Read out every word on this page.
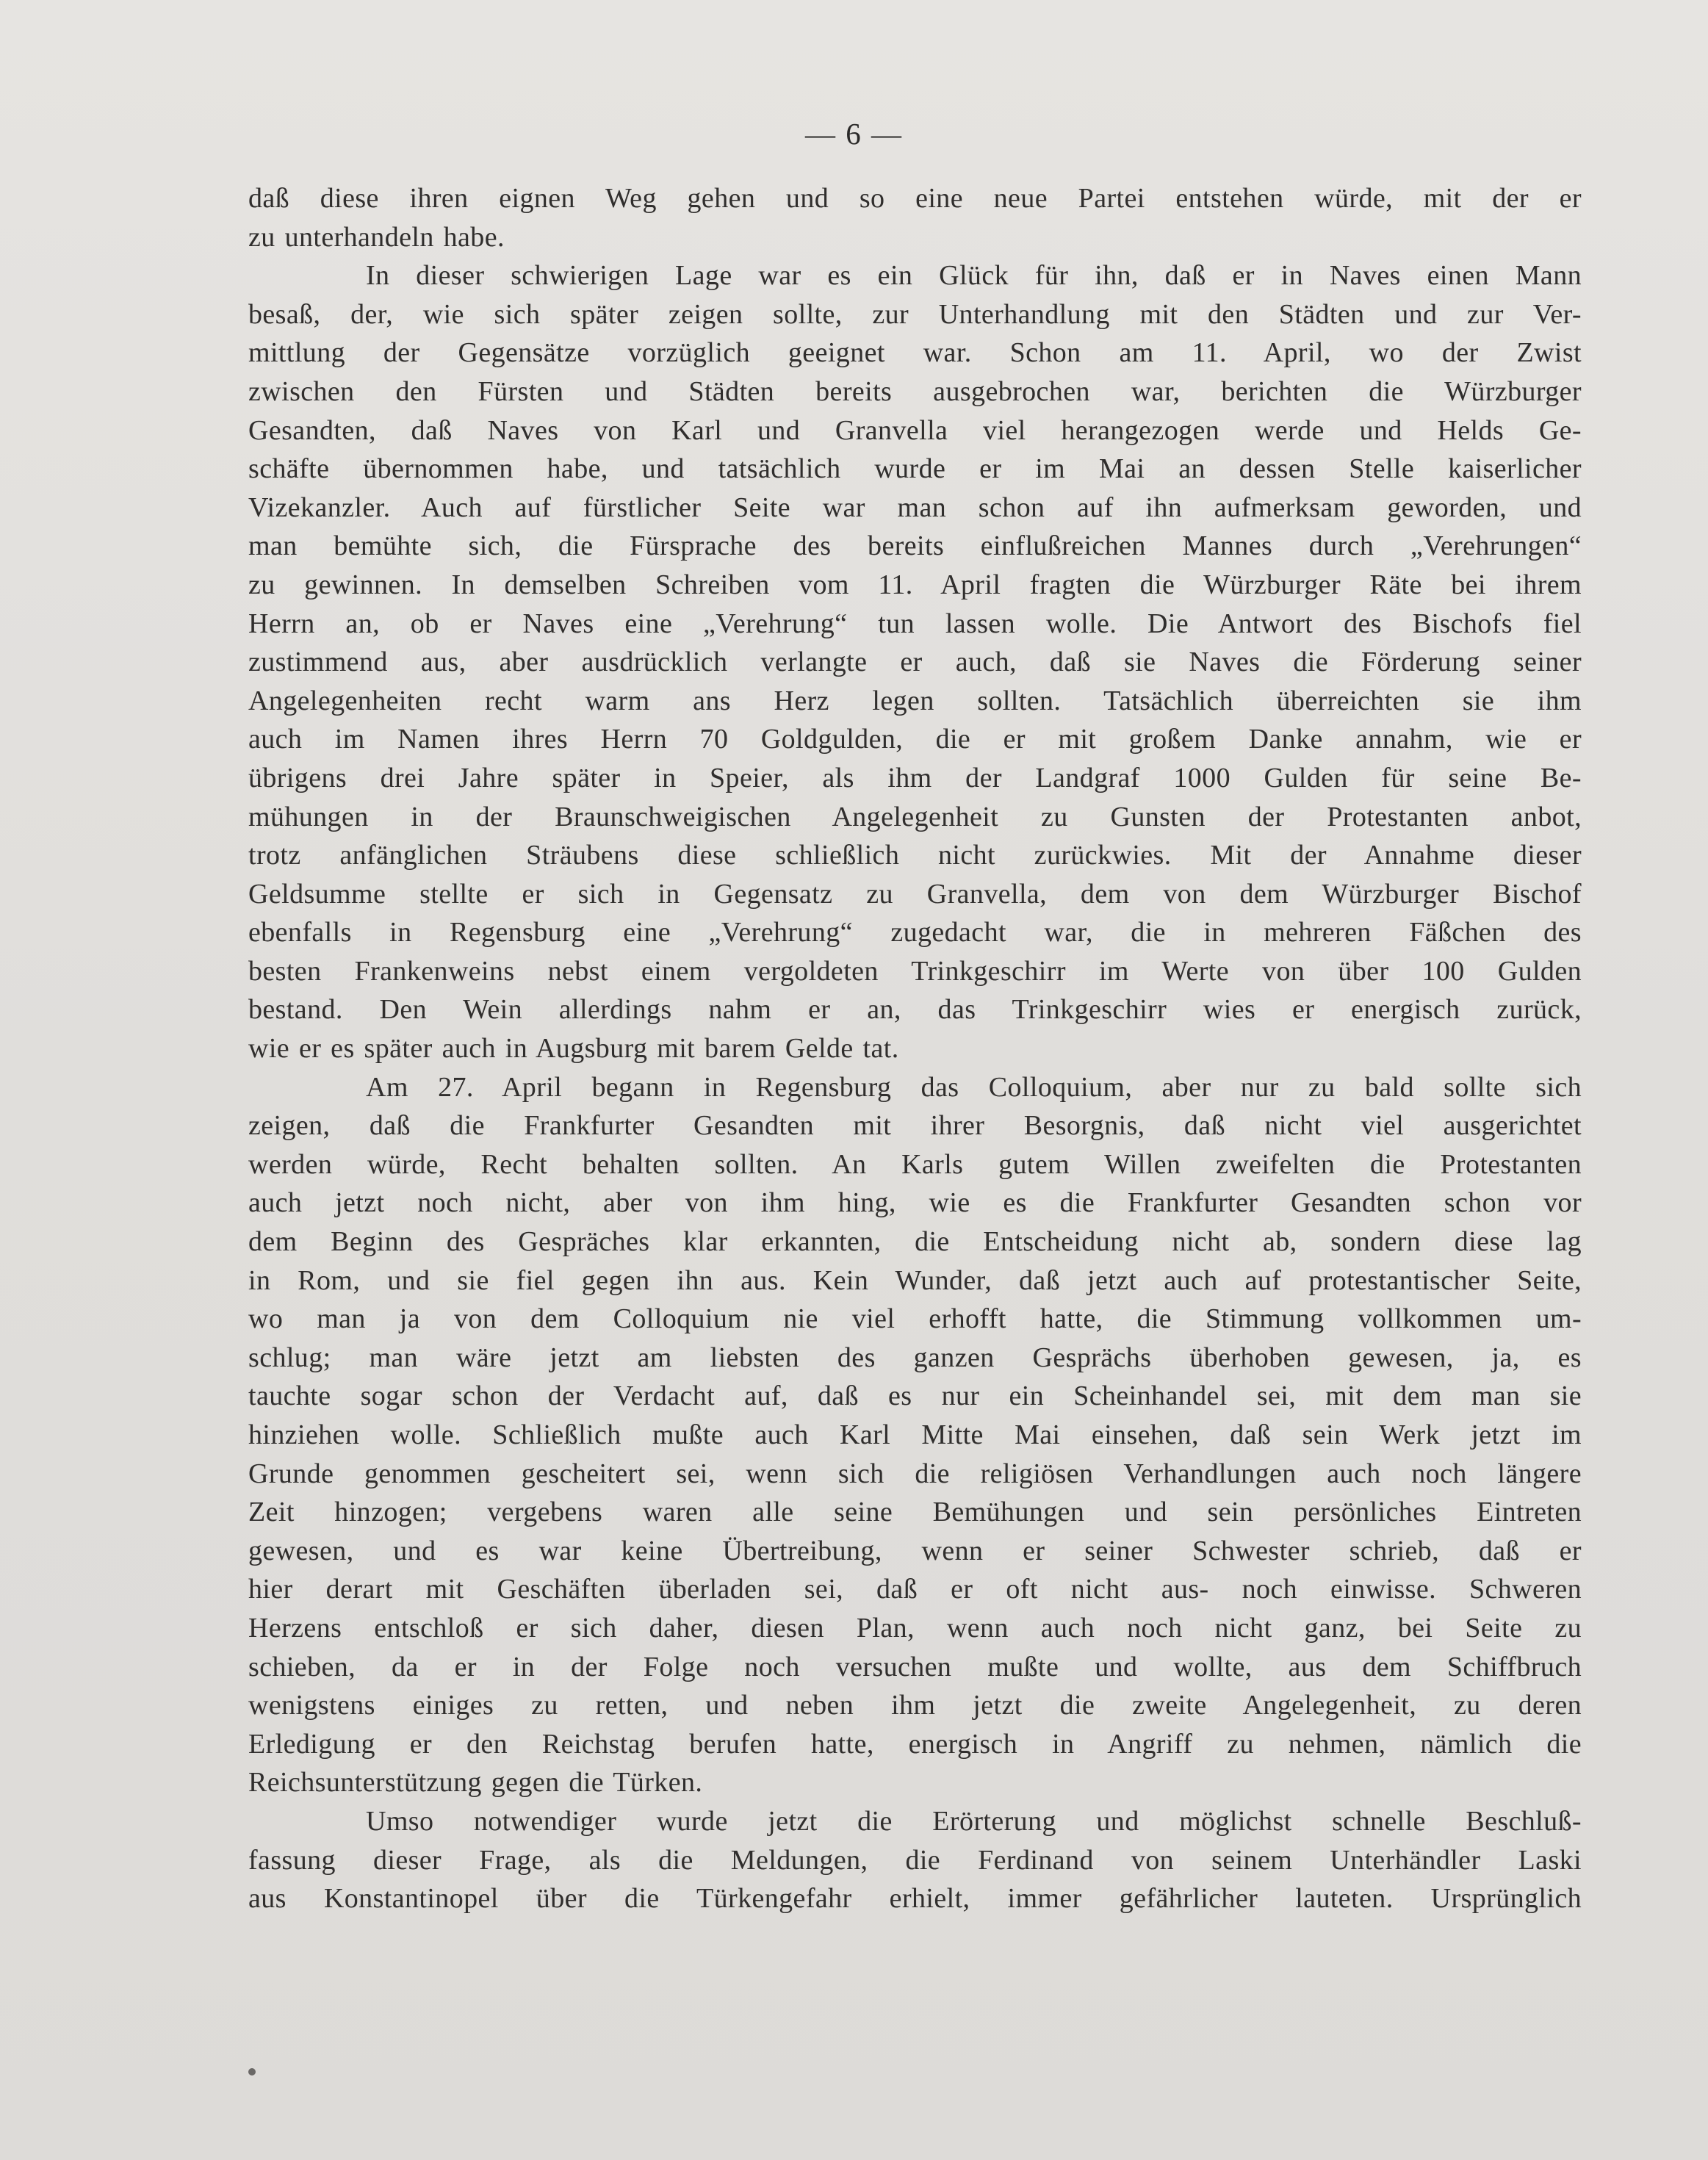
— 6 —

daß diese ihren eignen Weg gehen und so eine neue Partei entstehen würde, mit der er

zu unterhandeln habe.

In dieser schwierigen Lage war es ein Glück für ihn, daß er in Naves einen Mann

besaß, der, wie sich später zeigen sollte, zur Unterhandlung mit den Städten und zur Ver-

mittlung der Gegensätze vorzüglich geeignet war. Schon am 11. April, wo der Zwist

zwischen den Fürsten und Städten bereits ausgebrochen war, berichten die Würzburger

Gesandten, daß Naves von Karl und Granvella viel herangezogen werde und Helds Ge-

schäfte übernommen habe, und tatsächlich wurde er im Mai an dessen Stelle kaiserlicher

Vizekanzler. Auch auf fürstlicher Seite war man schon auf ihn aufmerksam geworden, und

man bemühte sich, die Fürsprache des bereits einflußreichen Mannes durch „Verehrungen“

zu gewinnen. In demselben Schreiben vom 11. April fragten die Würzburger Räte bei ihrem

Herrn an, ob er Naves eine „Verehrung“ tun lassen wolle. Die Antwort des Bischofs fiel

zustimmend aus, aber ausdrücklich verlangte er auch, daß sie Naves die Förderung seiner

Angelegenheiten recht warm ans Herz legen sollten. Tatsächlich überreichten sie ihm

auch im Namen ihres Herrn 70 Goldgulden, die er mit großem Danke annahm, wie er

übrigens drei Jahre später in Speier, als ihm der Landgraf 1000 Gulden für seine Be-

mühungen in der Braunschweigischen Angelegenheit zu Gunsten der Protestanten anbot,

trotz anfänglichen Sträubens diese schließlich nicht zurückwies. Mit der Annahme dieser

Geldsumme stellte er sich in Gegensatz zu Granvella, dem von dem Würzburger Bischof

ebenfalls in Regensburg eine „Verehrung“ zugedacht war, die in mehreren Fäßchen des

besten Frankenweins nebst einem vergoldeten Trinkgeschirr im Werte von über 100 Gulden

bestand. Den Wein allerdings nahm er an, das Trinkgeschirr wies er energisch zurück,

wie er es später auch in Augsburg mit barem Gelde tat.

Am 27. April begann in Regensburg das Colloquium, aber nur zu bald sollte sich

zeigen, daß die Frankfurter Gesandten mit ihrer Besorgnis, daß nicht viel ausgerichtet

werden würde, Recht behalten sollten. An Karls gutem Willen zweifelten die Protestanten

auch jetzt noch nicht, aber von ihm hing, wie es die Frankfurter Gesandten schon vor

dem Beginn des Gespräches klar erkannten, die Entscheidung nicht ab, sondern diese lag

in Rom, und sie fiel gegen ihn aus. Kein Wunder, daß jetzt auch auf protestantischer Seite,

wo man ja von dem Colloquium nie viel erhofft hatte, die Stimmung vollkommen um-

schlug; man wäre jetzt am liebsten des ganzen Gesprächs überhoben gewesen, ja, es

tauchte sogar schon der Verdacht auf, daß es nur ein Scheinhandel sei, mit dem man sie

hinziehen wolle. Schließlich mußte auch Karl Mitte Mai einsehen, daß sein Werk jetzt im

Grunde genommen gescheitert sei, wenn sich die religiösen Verhandlungen auch noch längere

Zeit hinzogen; vergebens waren alle seine Bemühungen und sein persönliches Eintreten

gewesen, und es war keine Übertreibung, wenn er seiner Schwester schrieb, daß er

hier derart mit Geschäften überladen sei, daß er oft nicht aus- noch einwisse. Schweren

Herzens entschloß er sich daher, diesen Plan, wenn auch noch nicht ganz, bei Seite zu

schieben, da er in der Folge noch versuchen mußte und wollte, aus dem Schiffbruch

wenigstens einiges zu retten, und neben ihm jetzt die zweite Angelegenheit, zu deren

Erledigung er den Reichstag berufen hatte, energisch in Angriff zu nehmen, nämlich die

Reichsunterstützung gegen die Türken.

Umso notwendiger wurde jetzt die Erörterung und möglichst schnelle Beschluß-

fassung dieser Frage, als die Meldungen, die Ferdinand von seinem Unterhändler Laski

aus Konstantinopel über die Türkengefahr erhielt, immer gefährlicher lauteten. Ursprünglich
